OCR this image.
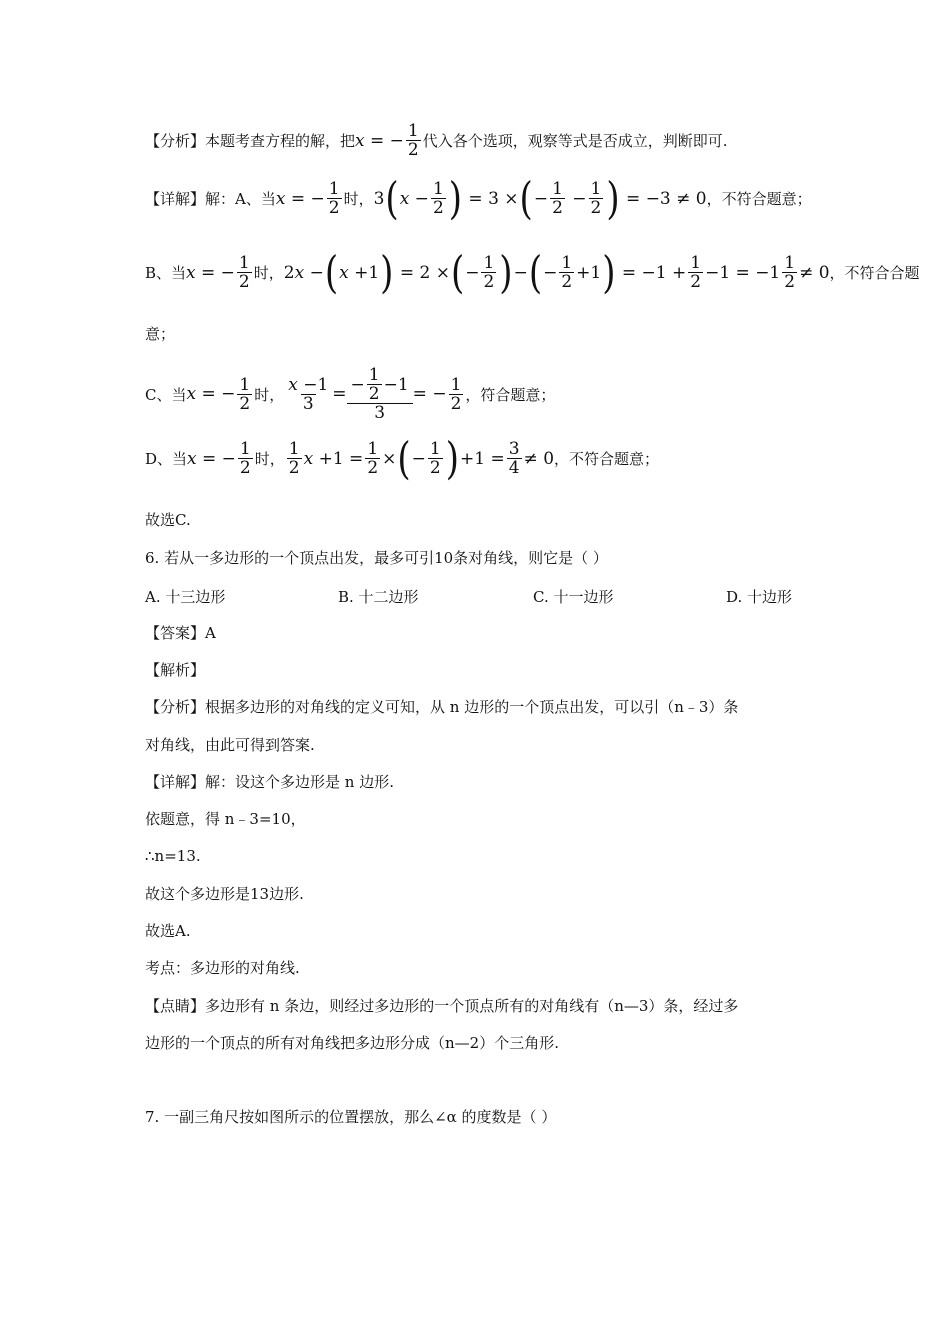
【分析】 本题考查方程的解，把 x = − $\frac{1}{2}$ 代入各个选项，观察等式是否成立，判断即可.
【详解】 解：A、当 x = − $\frac{1}{2}$ 时， 3 ( $x - \frac{1}{2}$ ) = 3 × ( − $\frac{1}{2} - \frac{1}{2}$ ) = −3 ≠ 0 ，不符合题意；
B、当 x = − $\frac{1}{2}$ 时， 2x − ( x +1 ) = 2 × ( − $\frac{1}{2}$ ) − ( − $\frac{1}{2} +1$ ) = $-1 + \frac{1}{2} -1 = -1 \frac{1}{2} \ne 0$ ，不符合合题
意；
C、当 x = − $\frac{1}{2}$ 时， $\frac{x -1}{3} = \frac{- \frac{1}{2} -1}{3}$ = − $\frac{1}{2}$ ，符合题意；
D、当 x = − $\frac{1}{2}$ 时， $\frac{1}{2}$ $x +1 = \frac{1}{2}$ × ( − $\frac{1}{2}$ ) $+1 = \frac{3}{4} \ne 0$ ，不符合题意；
故选C.
6. 若从一多边形的一个顶点出发，最多可引10条对角线，则它是（ ）
A. 十三边形	B. 十二边形	C. 十一边形	D. 十边形
【答案】A
【解析】
【分析】根据多边形的对角线的定义可知，从 n 边形的一个顶点出发，可以引（n﹣3）条
对角线，由此可得到答案.
【详解】解：设这个多边形是 n 边形.
依题意，得 n﹣3=10，
∴n=13.
故这个多边形是13边形.
故选A.
考点：多边形的对角线.
【点睛】多边形有 n 条边，则经过多边形的一个顶点所有的对角线有（n—3）条，经过多
边形的一个顶点的所有对角线把多边形分成（n—2）个三角形.
7. 一副三角尺按如图所示的位置摆放，那么∠α 的度数是（ ）
